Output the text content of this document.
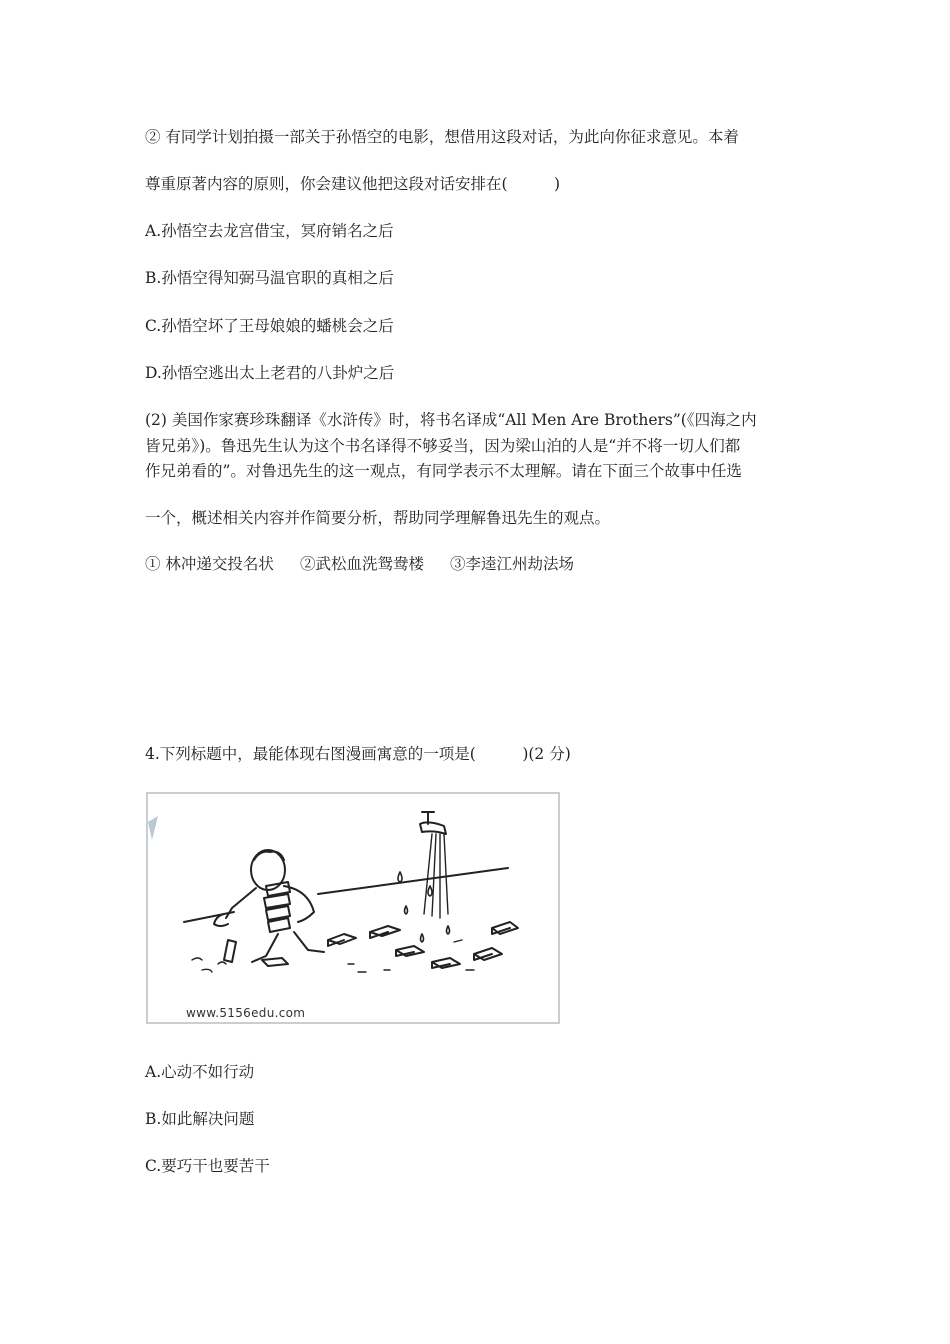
② 有同学计划拍摄一部关于孙悟空的电影，想借用这段对话，为此向你征求意见。本着
尊重原著内容的原则，你会建议他把这段对话安排在(　　　)
A.孙悟空去龙宫借宝，冥府销名之后
B.孙悟空得知弼马温官职的真相之后
C.孙悟空坏了王母娘娘的蟠桃会之后
D.孙悟空逃出太上老君的八卦炉之后
(2) 美国作家赛珍珠翻译《水浒传》时，将书名译成“All Men Are Brothers”(《四海之内
皆兄弟》)。鲁迅先生认为这个书名译得不够妥当，因为梁山泊的人是“并不将一切人们都
作兄弟看的”。对鲁迅先生的这一观点，有同学表示不太理解。请在下面三个故事中任选
一个，概述相关内容并作简要分析，帮助同学理解鲁迅先生的观点。
① 林冲递交投名状 ②武松血洗鸳鸯楼 ③李逵江州劫法场
4.下列标题中，最能体现右图漫画寓意的一项是(　　　)(2 分)
www.5156edu.com
A.心动不如行动
B.如此解决问题
C.要巧干也要苦干
